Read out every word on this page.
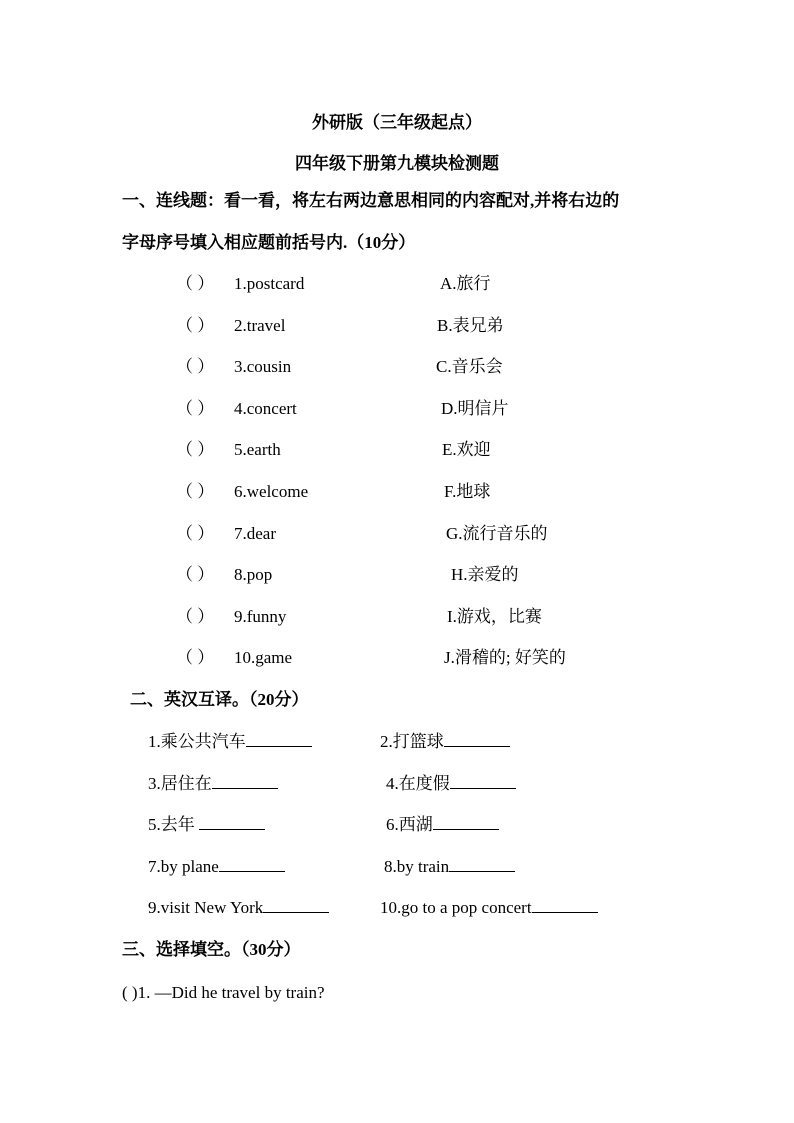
外研版（三年级起点）
四年级下册第九模块检测题
一、连线题：看一看，将左右两边意思相同的内容配对,并将右边的
字母序号填入相应题前括号内.（10分）
（ ） 1.postcard	A.旅行
（ ） 2.travel	B.表兄弟
（ ） 3.cousin	C.音乐会
（ ） 4.concert	D.明信片
（ ） 5.earth	E.欢迎
（ ） 6.welcome	F.地球
（ ） 7.dear	G.流行音乐的
（ ） 8.pop	H.亲爱的
（ ） 9.funny	I.游戏，比赛
（ ） 10.game	J.滑稽的; 好笑的
二、英汉互译。（20分）
1.乘公共汽车	2.打篮球
3.居住在	4.在度假
5.去年	6.西湖
7.by plane	8.by train
9.visit New York	10.go to a pop concert
三、选择填空。（30分）
( )1. —Did he travel by train?
